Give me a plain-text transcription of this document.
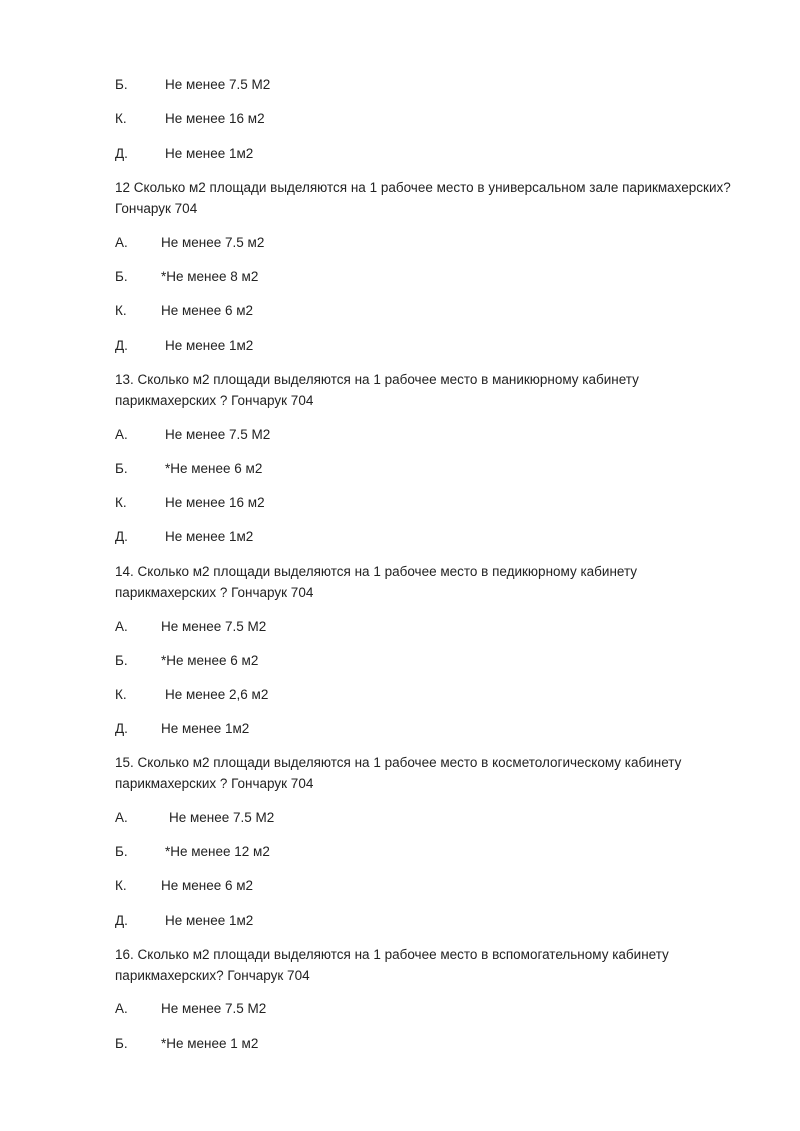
Б.	Не менее 7.5 М2
К.	Не менее 16 м2
Д.	Не менее 1м2
12 Сколько м2 площади выделяются на 1 рабочее место в универсальном зале парикмахерских?
Гончарук 704
А. Не менее 7.5 м2
Б. *Не менее 8 м2
К.	Не менее 6 м2
Д.	Не менее 1м2
13. Сколько м2 площади выделяются на 1 рабочее место в маникюрному кабинету
парикмахерских ? Гончарук 704
А.	Не менее 7.5 М2
Б.	*Не менее 6 м2
К.	Не менее 16 м2
Д.	Не менее 1м2
14. Сколько м2 площади выделяются на 1 рабочее место в педикюрному кабинету
парикмахерских ? Гончарук 704
А. Не менее 7.5 М2
Б. *Не менее 6 м2
К.	Не менее 2,6 м2
Д. Не менее 1м2
15. Сколько м2 площади выделяются на 1 рабочее место в косметологическому кабинету
парикмахерских ? Гончарук 704
А.	Не менее 7.5 М2
Б.	*Не менее 12 м2
К.	Не менее 6 м2
Д.	Не менее 1м2
16. Сколько м2 площади выделяются на 1 рабочее место в вспомогательному кабинету
парикмахерских? Гончарук 704
А. Не менее 7.5 М2
Б. *Не менее 1 м2
